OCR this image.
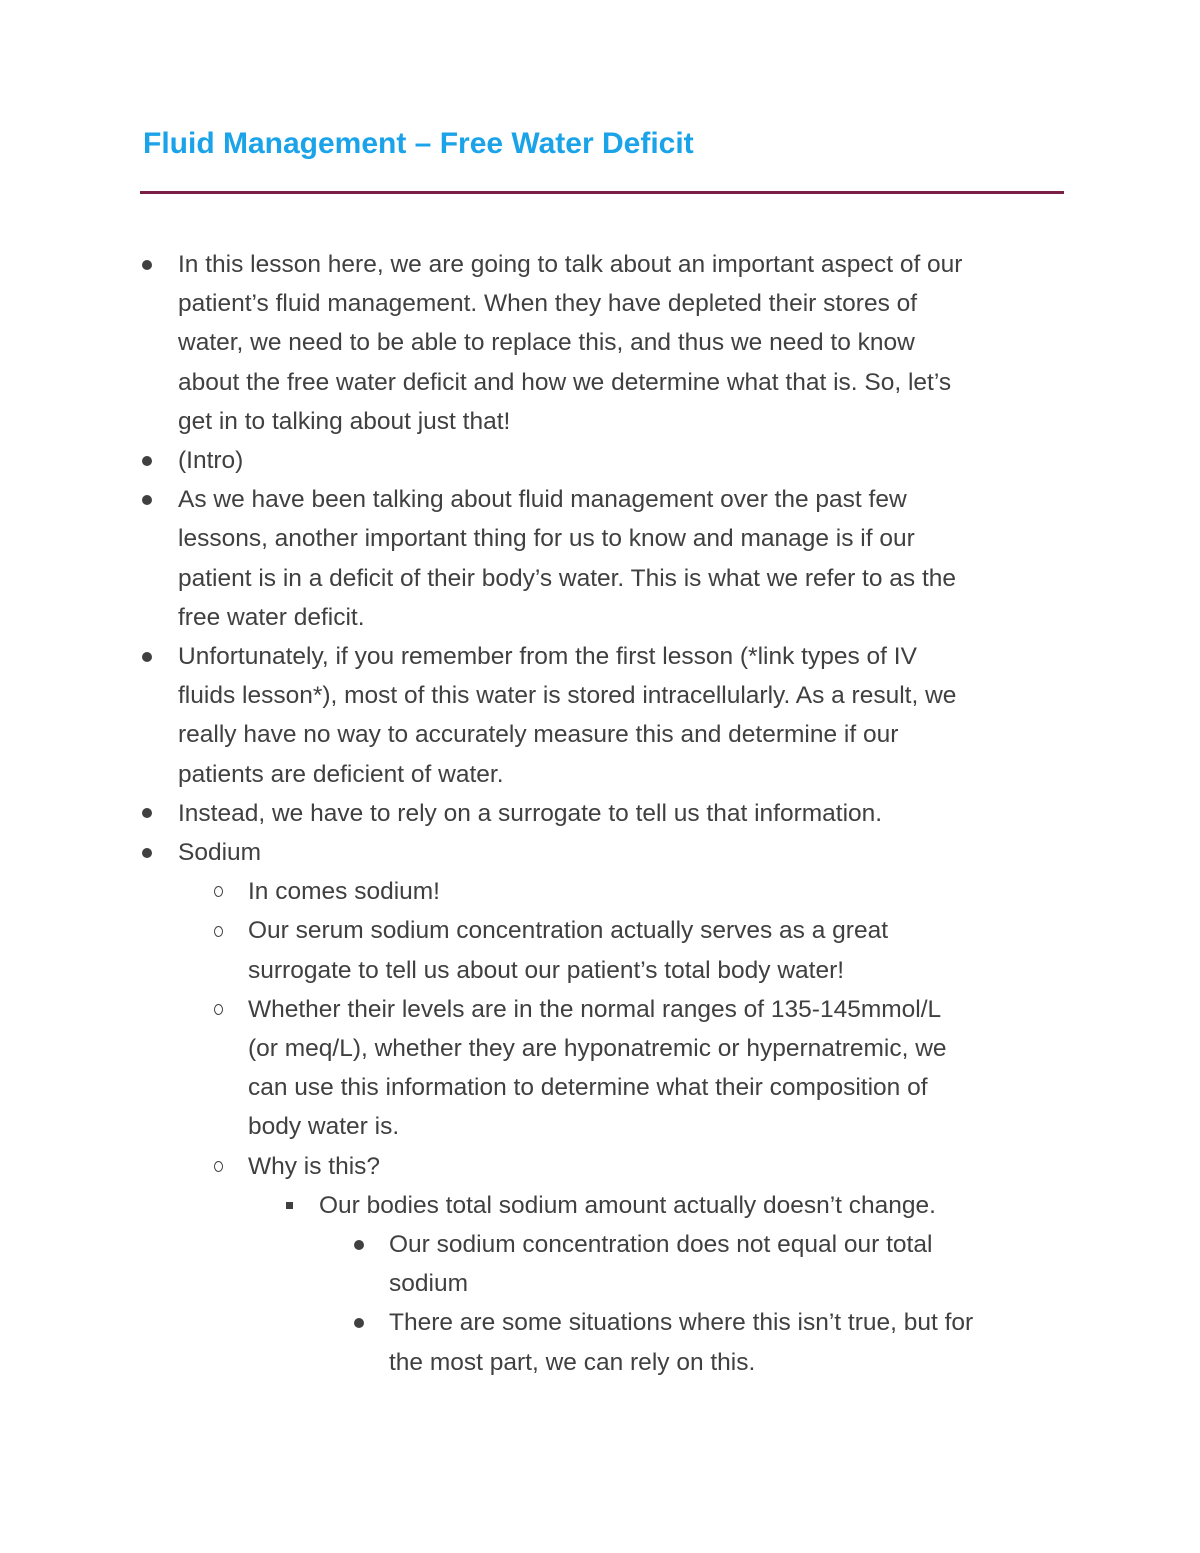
Fluid Management – Free Water Deficit
In this lesson here, we are going to talk about an important aspect of our
patient’s fluid management. When they have depleted their stores of
water, we need to be able to replace this, and thus we need to know
about the free water deficit and how we determine what that is. So, let’s
get in to talking about just that!
(Intro)
As we have been talking about fluid management over the past few
lessons, another important thing for us to know and manage is if our
patient is in a deficit of their body’s water. This is what we refer to as the
free water deficit.
Unfortunately, if you remember from the first lesson (*link types of IV
fluids lesson*), most of this water is stored intracellularly. As a result, we
really have no way to accurately measure this and determine if our
patients are deficient of water.
Instead, we have to rely on a surrogate to tell us that information.
Sodium
In comes sodium!
Our serum sodium concentration actually serves as a great
surrogate to tell us about our patient’s total body water!
Whether their levels are in the normal ranges of 135-145mmol/L
(or meq/L), whether they are hyponatremic or hypernatremic, we
can use this information to determine what their composition of
body water is.
Why is this?
Our bodies total sodium amount actually doesn’t change.
Our sodium concentration does not equal our total
sodium
There are some situations where this isn’t true, but for
the most part, we can rely on this.
